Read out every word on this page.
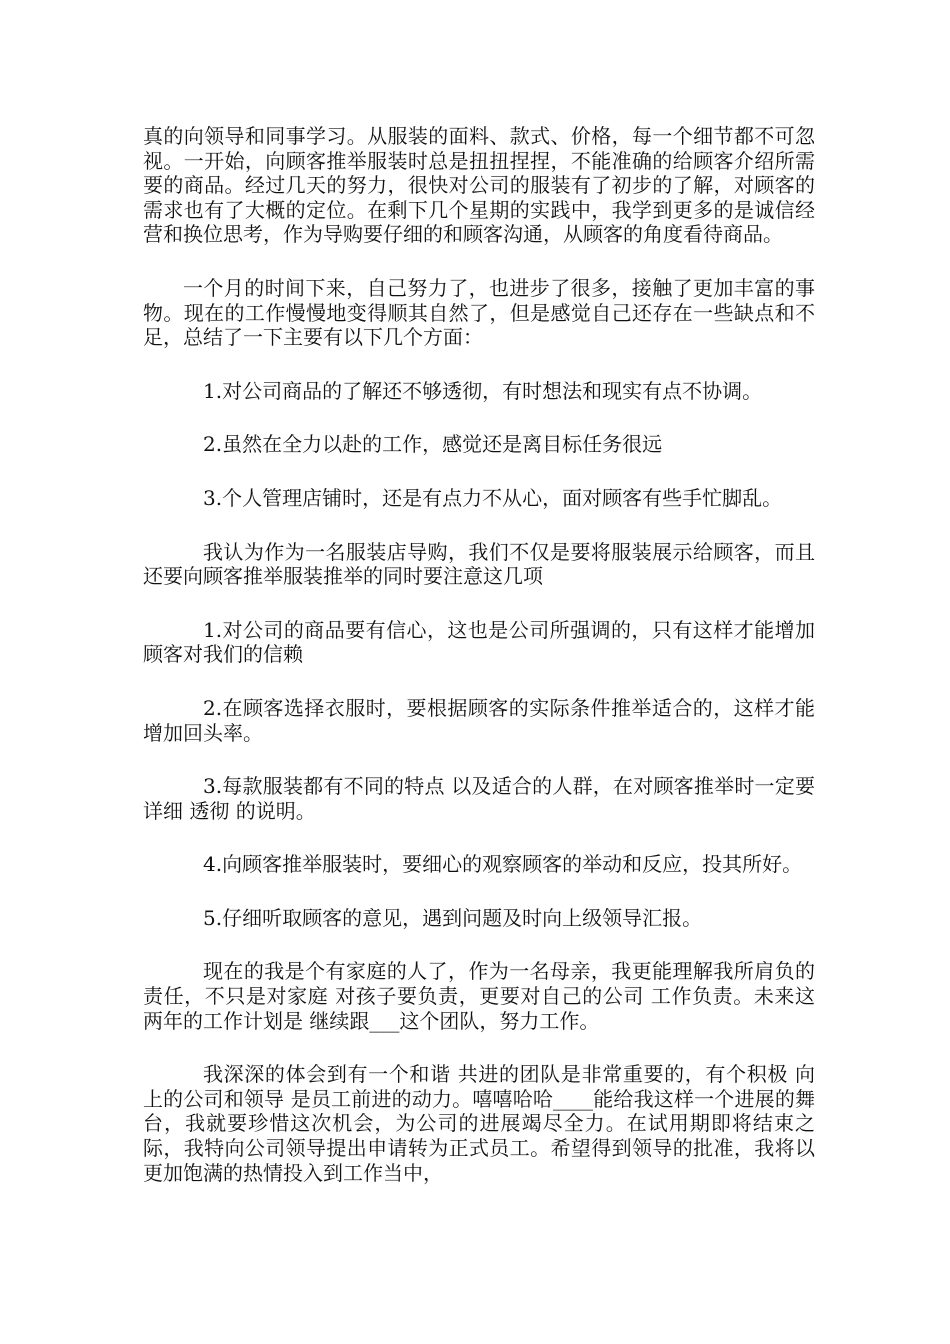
真的向领导和同事学习。从服装的面料、款式、价格，每一个细节都不可忽视。一开始，向顾客推举服装时总是扭扭捏捏，不能准确的给顾客介绍所需要的商品。经过几天的努力，很快对公司的服装有了初步的了解，对顾客的需求也有了大概的定位。在剩下几个星期的实践中，我学到更多的是诚信经营和换位思考，作为导购要仔细的和顾客沟通，从顾客的角度看待商品。

一个月的时间下来，自己努力了，也进步了很多，接触了更加丰富的事物。现在的工作慢慢地变得顺其自然了，但是感觉自己还存在一些缺点和不足，总结了一下主要有以下几个方面：

1.对公司商品的了解还不够透彻，有时想法和现实有点不协调。

2.虽然在全力以赴的工作，感觉还是离目标任务很远

3.个人管理店铺时，还是有点力不从心，面对顾客有些手忙脚乱。

我认为作为一名服装店导购，我们不仅是要将服装展示给顾客，而且还要向顾客推举服装推举的同时要注意这几项

1.对公司的商品要有信心，这也是公司所强调的，只有这样才能增加顾客对我们的信赖

2.在顾客选择衣服时，要根据顾客的实际条件推举适合的，这样才能增加回头率。

3.每款服装都有不同的特点 以及适合的人群，在对顾客推举时一定要 详细 透彻 的说明。

4.向顾客推举服装时，要细心的观察顾客的举动和反应，投其所好。

5.仔细听取顾客的意见，遇到问题及时向上级领导汇报。

现在的我是个有家庭的人了，作为一名母亲，我更能理解我所肩负的责任，不只是对家庭 对孩子要负责，更要对自己的公司 工作负责。未来这两年的工作计划是 继续跟___这个团队，努力工作。

我深深的体会到有一个和谐 共进的团队是非常重要的，有个积极 向上的公司和领导 是员工前进的动力。嘻嘻哈哈____能给我这样一个进展的舞台，我就要珍惜这次机会，为公司的进展竭尽全力。在试用期即将结束之际，我特向公司领导提出申请转为正式员工。希望得到领导的批准，我将以更加饱满的热情投入到工作当中，
